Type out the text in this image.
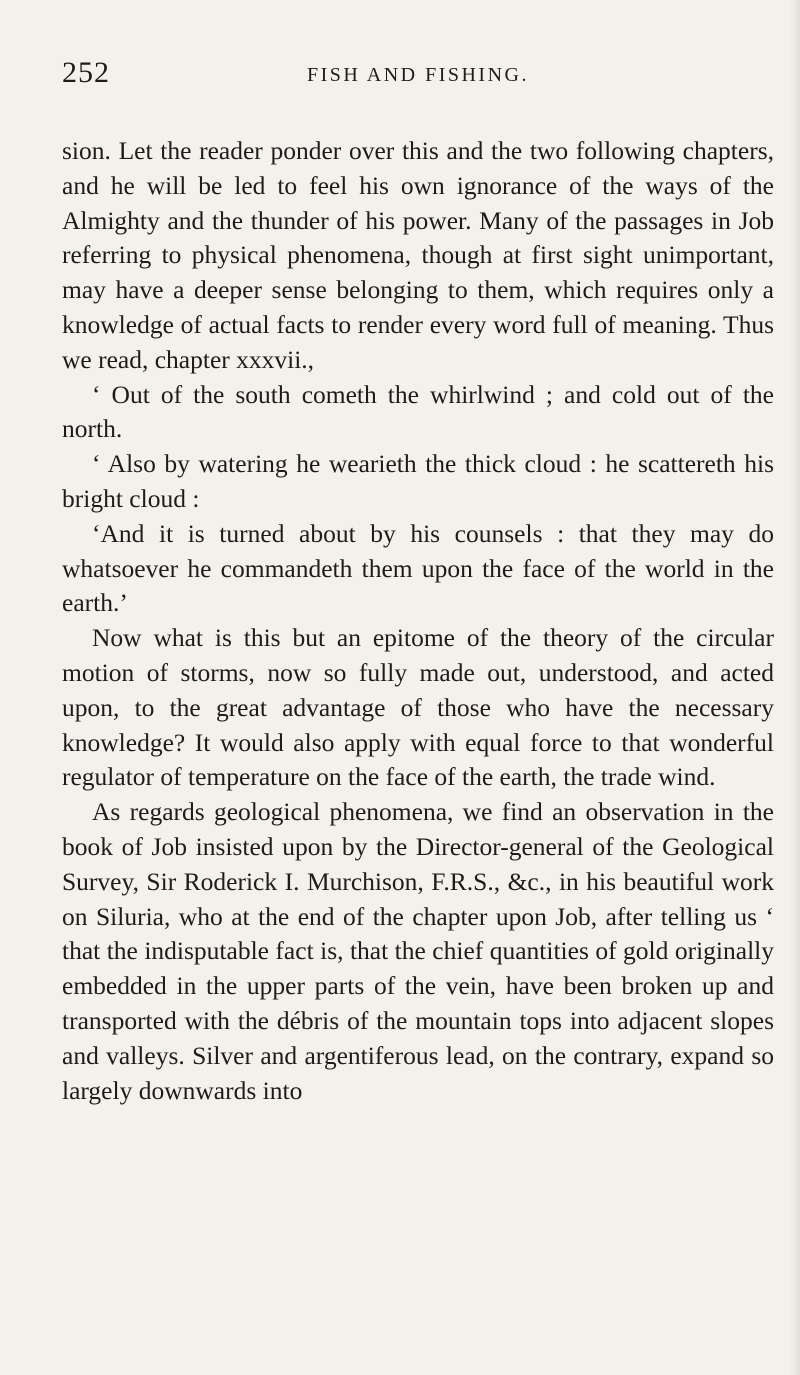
252	FISH AND FISHING.

sion. Let the reader ponder over this and the two following chapters, and he will be led to feel his own ignorance of the ways of the Almighty and the thunder of his power. Many of the passages in Job referring to physical phenomena, though at first sight unimportant, may have a deeper sense belonging to them, which requires only a knowledge of actual facts to render every word full of meaning. Thus we read, chapter xxxvii.,

‘ Out of the south cometh the whirlwind ; and cold out of the north.

‘ Also by watering he wearieth the thick cloud : he scattereth his bright cloud :

‘And it is turned about by his counsels : that they may do whatsoever he commandeth them upon the face of the world in the earth.’

Now what is this but an epitome of the theory of the circular motion of storms, now so fully made out, understood, and acted upon, to the great advantage of those who have the necessary knowledge? It would also apply with equal force to that wonderful regulator of temperature on the face of the earth, the trade wind.

As regards geological phenomena, we find an observation in the book of Job insisted upon by the Director-general of the Geological Survey, Sir Roderick I. Murchison, F.R.S., &c., in his beautiful work on Siluria, who at the end of the chapter upon Job, after telling us ‘ that the indisputable fact is, that the chief quantities of gold originally embedded in the upper parts of the vein, have been broken up and transported with the débris of the mountain tops into adjacent slopes and valleys. Silver and argentiferous lead, on the contrary, expand so largely downwards into
